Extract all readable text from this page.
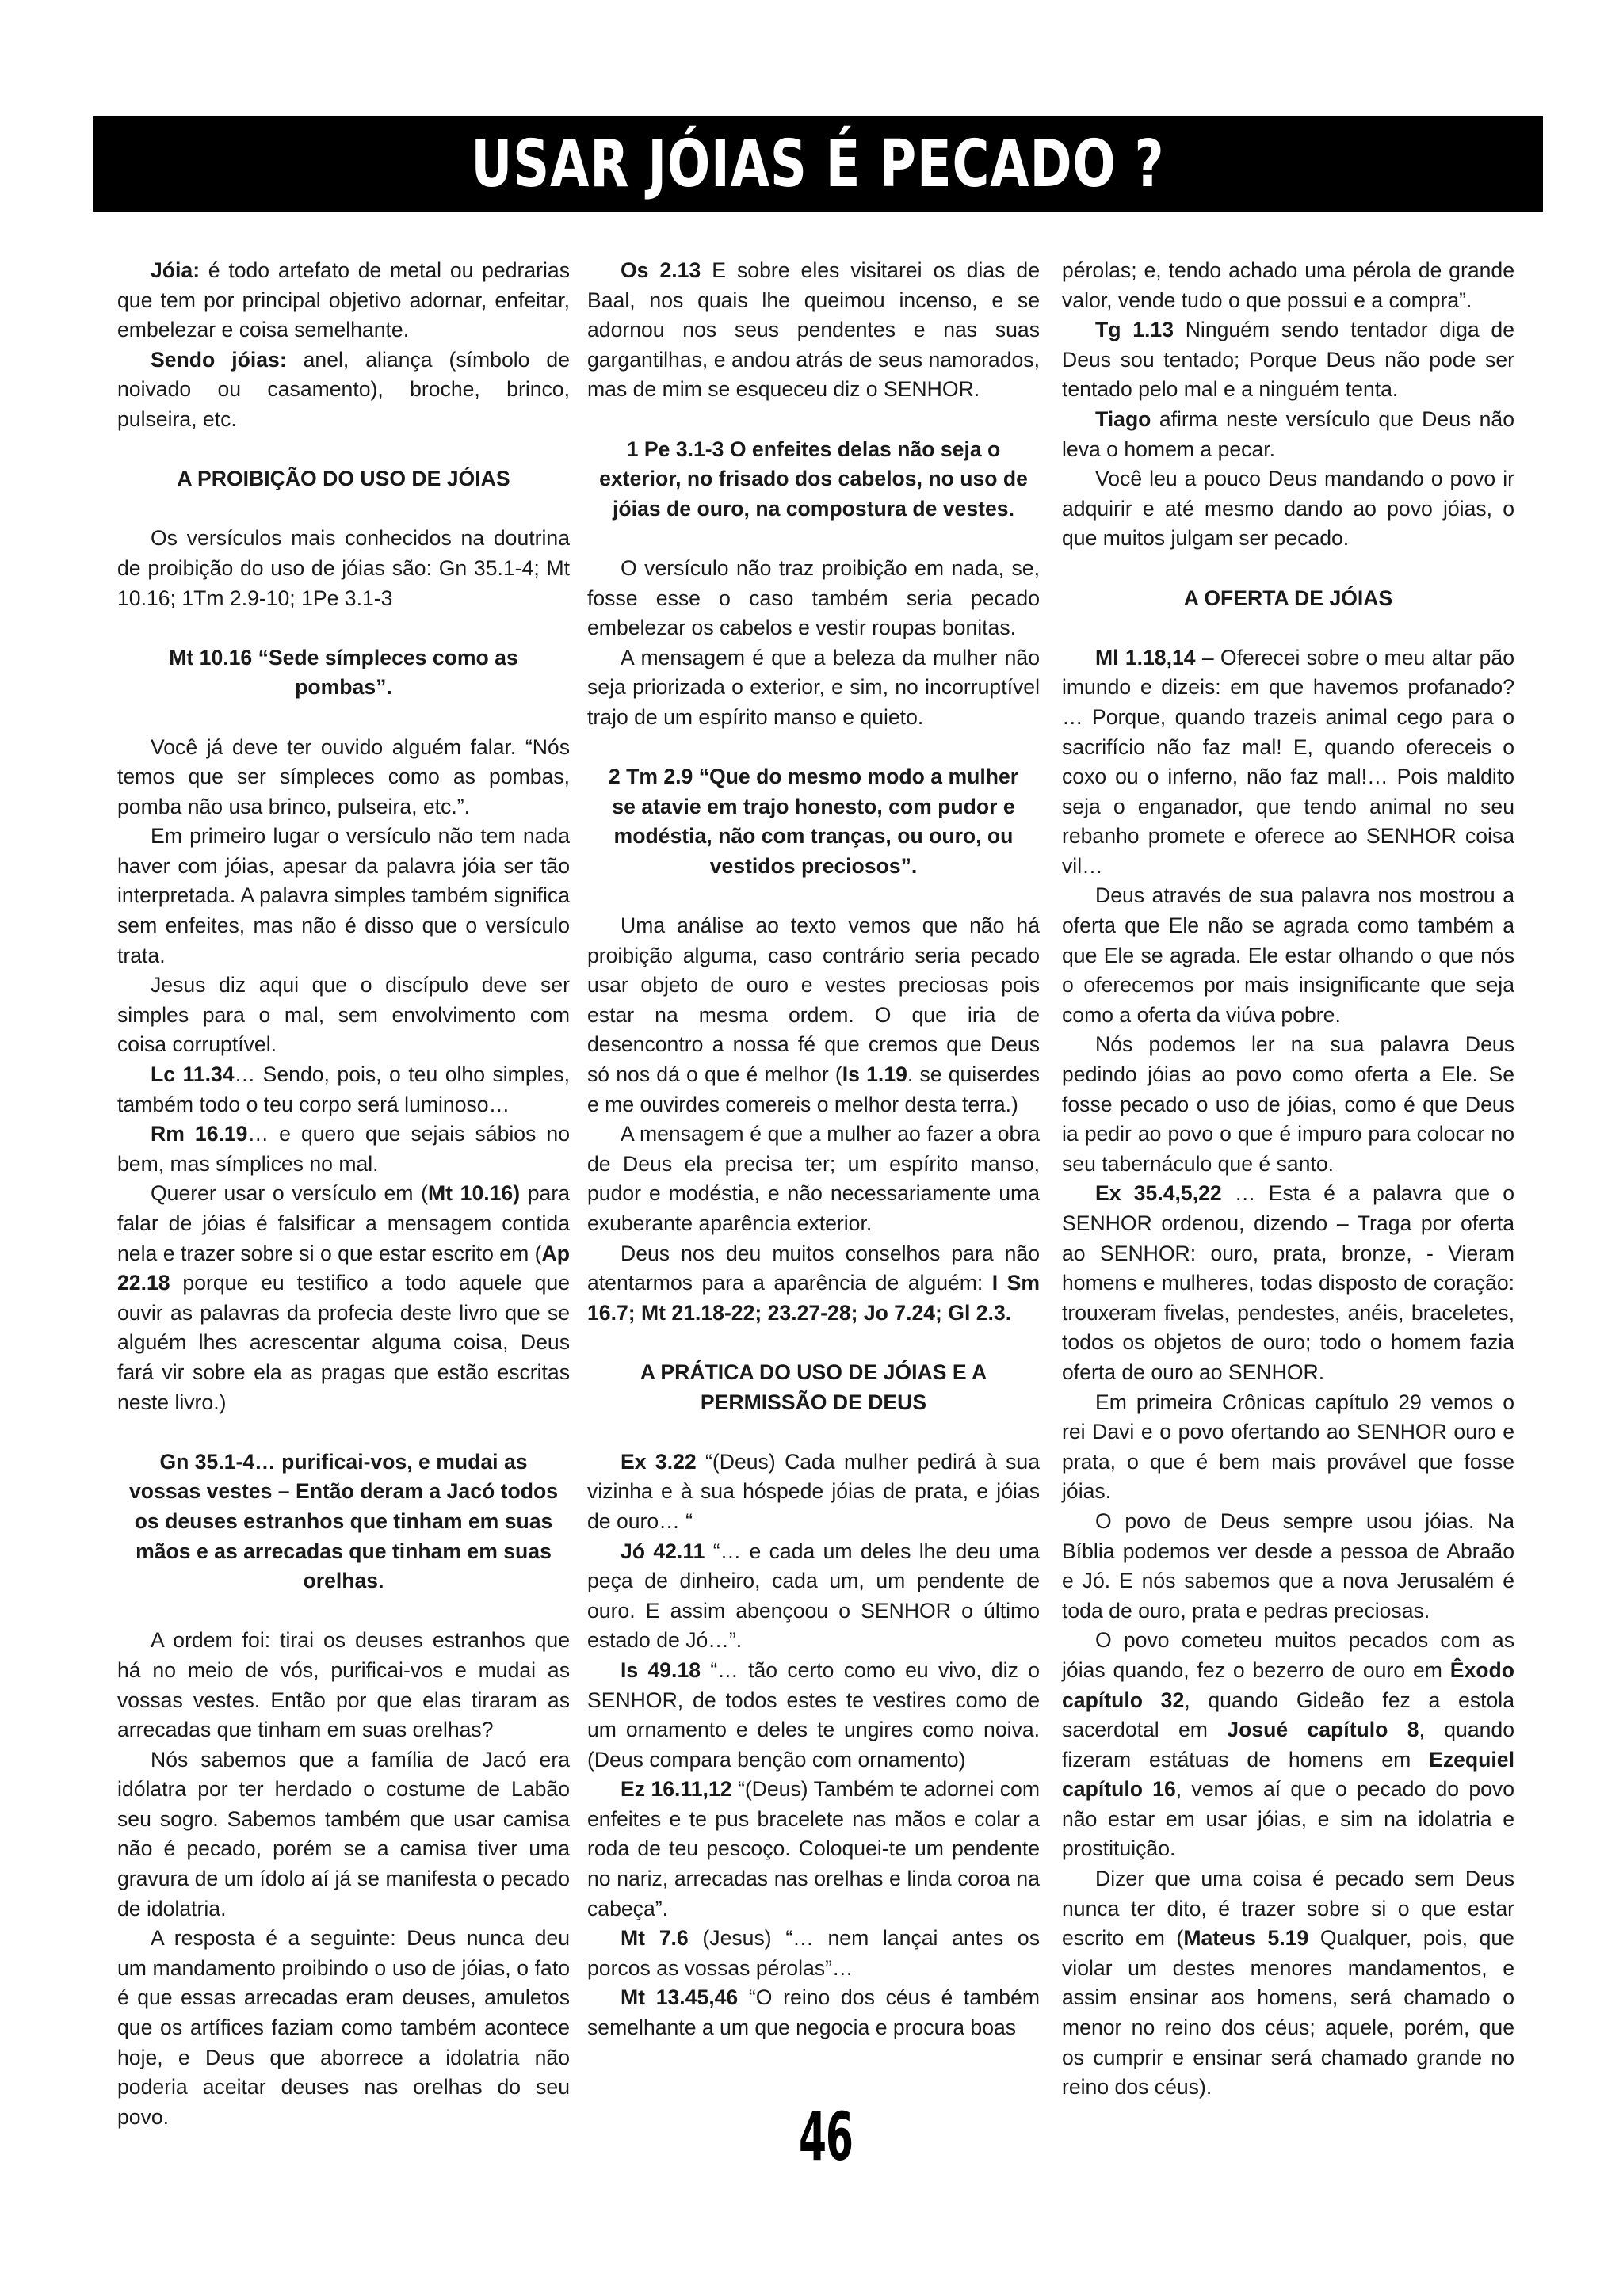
USAR JÓIAS É PECADO ?

Jóia: é todo artefato de metal ou pedrarias que tem por principal objetivo adornar, enfeitar, embelezar e coisa semelhante.

Sendo jóias: anel, aliança (símbolo de noivado ou casamento), broche, brinco, pulseira, etc.

A PROIBIÇÃO DO USO DE JÓIAS

Os versículos mais conhecidos na doutrina de proibição do uso de jóias são: Gn 35.1-4; Mt 10.16; 1Tm 2.9-10; 1Pe 3.1-3

Mt 10.16 “Sede símpleces como as pombas”.

Você já deve ter ouvido alguém falar. “Nós temos que ser símpleces como as pombas, pomba não usa brinco, pulseira, etc.”.

Em primeiro lugar o versículo não tem nada haver com jóias, apesar da palavra jóia ser tão interpretada. A palavra simples também significa sem enfeites, mas não é disso que o versículo trata.

Jesus diz aqui que o discípulo deve ser simples para o mal, sem envolvimento com coisa corruptível.

Lc 11.34… Sendo, pois, o teu olho simples, também todo o teu corpo será luminoso…

Rm 16.19… e quero que sejais sábios no bem, mas símplices no mal.

Querer usar o versículo em (Mt 10.16) para falar de jóias é falsificar a mensagem contida nela e trazer sobre si o que estar escrito em (Ap 22.18 porque eu testifico a todo aquele que ouvir as palavras da profecia deste livro que se alguém lhes acrescentar alguma coisa, Deus fará vir sobre ela as pragas que estão escritas neste livro.)

Gn 35.1-4… purificai-vos, e mudai as vossas vestes – Então deram a Jacó todos os deuses estranhos que tinham em suas mãos e as arrecadas que tinham em suas orelhas.

A ordem foi: tirai os deuses estranhos que há no meio de vós, purificai-vos e mudai as vossas vestes. Então por que elas tiraram as arrecadas que tinham em suas orelhas?

Nós sabemos que a família de Jacó era idólatra por ter herdado o costume de Labão seu sogro. Sabemos também que usar camisa não é pecado, porém se a camisa tiver uma gravura de um ídolo aí já se manifesta o pecado de idolatria.

A resposta é a seguinte: Deus nunca deu um mandamento proibindo o uso de jóias, o fato é que essas arrecadas eram deuses, amuletos que os artífices faziam como também acontece hoje, e Deus que aborrece a idolatria não poderia aceitar deuses nas orelhas do seu povo.

Os 2.13 E sobre eles visitarei os dias de Baal, nos quais lhe queimou incenso, e se adornou nos seus pendentes e nas suas gargantilhas, e andou atrás de seus namorados, mas de mim se esqueceu diz o SENHOR.

1 Pe 3.1-3 O enfeites delas não seja o exterior, no frisado dos cabelos, no uso de jóias de ouro, na compostura de vestes.

O versículo não traz proibição em nada, se, fosse esse o caso também seria pecado embelezar os cabelos e vestir roupas bonitas.

A mensagem é que a beleza da mulher não seja priorizada o exterior, e sim, no incorruptível trajo de um espírito manso e quieto.

2 Tm 2.9 “Que do mesmo modo a mulher se atavie em trajo honesto, com pudor e modéstia, não com tranças, ou ouro, ou vestidos preciosos”.

Uma análise ao texto vemos que não há proibição alguma, caso contrário seria pecado usar objeto de ouro e vestes preciosas pois estar na mesma ordem. O que iria de desencontro a nossa fé que cremos que Deus só nos dá o que é melhor (Is 1.19. se quiserdes e me ouvirdes comereis o melhor desta terra.)

A mensagem é que a mulher ao fazer a obra de Deus ela precisa ter; um espírito manso, pudor e modéstia, e não necessariamente uma exuberante aparência exterior.

Deus nos deu muitos conselhos para não atentarmos para a aparência de alguém: I Sm 16.7; Mt 21.18-22; 23.27-28; Jo 7.24; Gl 2.3.

A PRÁTICA DO USO DE JÓIAS E A PERMISSÃO DE DEUS

Ex 3.22 “(Deus) Cada mulher pedirá à sua vizinha e à sua hóspede jóias de prata, e jóias de ouro… “

Jó 42.11 “… e cada um deles lhe deu uma peça de dinheiro, cada um, um pendente de ouro. E assim abençoou o SENHOR o último estado de Jó…”.

Is 49.18 “… tão certo como eu vivo, diz o SENHOR, de todos estes te vestires como de um ornamento e deles te ungires como noiva. (Deus compara benção com ornamento)

Ez 16.11,12 “(Deus) Também te adornei com enfeites e te pus bracelete nas mãos e colar a roda de teu pescoço. Coloquei-te um pendente no nariz, arrecadas nas orelhas e linda coroa na cabeça”.

Mt 7.6 (Jesus) “… nem lançai antes os porcos as vossas pérolas”…

Mt 13.45,46 “O reino dos céus é também semelhante a um que negocia e procura boas

pérolas; e, tendo achado uma pérola de grande valor, vende tudo o que possui e a compra”.

Tg 1.13 Ninguém sendo tentador diga de Deus sou tentado; Porque Deus não pode ser tentado pelo mal e a ninguém tenta.

Tiago afirma neste versículo que Deus não leva o homem a pecar.

Você leu a pouco Deus mandando o povo ir adquirir e até mesmo dando ao povo jóias, o que muitos julgam ser pecado.

A OFERTA DE JÓIAS

Ml 1.18,14 – Oferecei sobre o meu altar pão imundo e dizeis: em que havemos profanado? … Porque, quando trazeis animal cego para o sacrifício não faz mal! E, quando ofereceis o coxo ou o inferno, não faz mal!… Pois maldito seja o enganador, que tendo animal no seu rebanho promete e oferece ao SENHOR coisa vil…

Deus através de sua palavra nos mostrou a oferta que Ele não se agrada como também a que Ele se agrada. Ele estar olhando o que nós o oferecemos por mais insignificante que seja como a oferta da viúva pobre.

Nós podemos ler na sua palavra Deus pedindo jóias ao povo como oferta a Ele. Se fosse pecado o uso de jóias, como é que Deus ia pedir ao povo o que é impuro para colocar no seu tabernáculo que é santo.

Ex 35.4,5,22 … Esta é a palavra que o SENHOR ordenou, dizendo – Traga por oferta ao SENHOR: ouro, prata, bronze, - Vieram homens e mulheres, todas disposto de coração: trouxeram fivelas, pendestes, anéis, braceletes, todos os objetos de ouro; todo o homem fazia oferta de ouro ao SENHOR.

Em primeira Crônicas capítulo 29 vemos o rei Davi e o povo ofertando ao SENHOR ouro e prata, o que é bem mais provável que fosse jóias.

O povo de Deus sempre usou jóias. Na Bíblia podemos ver desde a pessoa de Abraão e Jó. E nós sabemos que a nova Jerusalém é toda de ouro, prata e pedras preciosas.

O povo cometeu muitos pecados com as jóias quando, fez o bezerro de ouro em Êxodo capítulo 32, quando Gideão fez a estola sacerdotal em Josué capítulo 8, quando fizeram estátuas de homens em Ezequiel capítulo 16, vemos aí que o pecado do povo não estar em usar jóias, e sim na idolatria e prostituição.

Dizer que uma coisa é pecado sem Deus nunca ter dito, é trazer sobre si o que estar escrito em (Mateus 5.19 Qualquer, pois, que violar um destes menores mandamentos, e assim ensinar aos homens, será chamado o menor no reino dos céus; aquele, porém, que os cumprir e ensinar será chamado grande no reino dos céus).

46
